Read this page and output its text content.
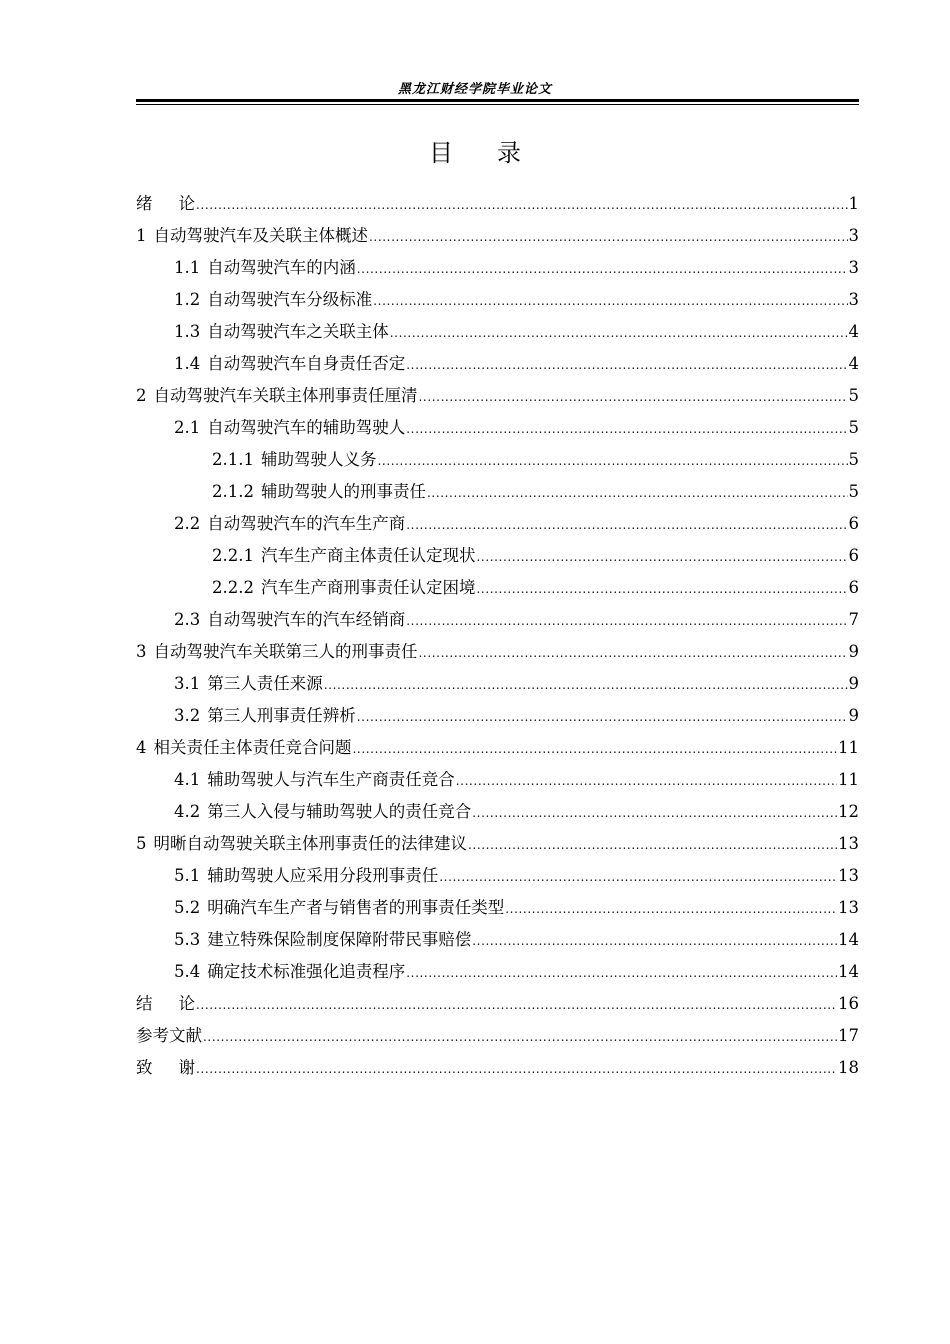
黑龙江财经学院毕业论文
目录
绪论 .....	1
1 自动驾驶汽车及关联主体概述 .....	3
1.1 自动驾驶汽车的内涵 .....	3
1.2 自动驾驶汽车分级标准 .....	3
1.3 自动驾驶汽车之关联主体 .....	4
1.4 自动驾驶汽车自身责任否定 .....	4
2 自动驾驶汽车关联主体刑事责任厘清 .....	5
2.1 自动驾驶汽车的辅助驾驶人 .....	5
2.1.1 辅助驾驶人义务 .....	5
2.1.2 辅助驾驶人的刑事责任 .....	5
2.2 自动驾驶汽车的汽车生产商 .....	6
2.2.1 汽车生产商主体责任认定现状 .....	6
2.2.2 汽车生产商刑事责任认定困境 .....	6
2.3 自动驾驶汽车的汽车经销商 .....	7
3 自动驾驶汽车关联第三人的刑事责任 .....	9
3.1 第三人责任来源 .....	9
3.2 第三人刑事责任辨析 .....	9
4 相关责任主体责任竞合问题 .....	11
4.1 辅助驾驶人与汽车生产商责任竞合 .....	11
4.2 第三人入侵与辅助驾驶人的责任竞合 .....	12
5 明晰自动驾驶关联主体刑事责任的法律建议 .....	13
5.1 辅助驾驶人应采用分段刑事责任 .....	13
5.2 明确汽车生产者与销售者的刑事责任类型 .....	13
5.3 建立特殊保险制度保障附带民事赔偿 .....	14
5.4 确定技术标准强化追责程序 .....	14
结论 .....	16
参考文献 .....	17
致谢 .....	18
